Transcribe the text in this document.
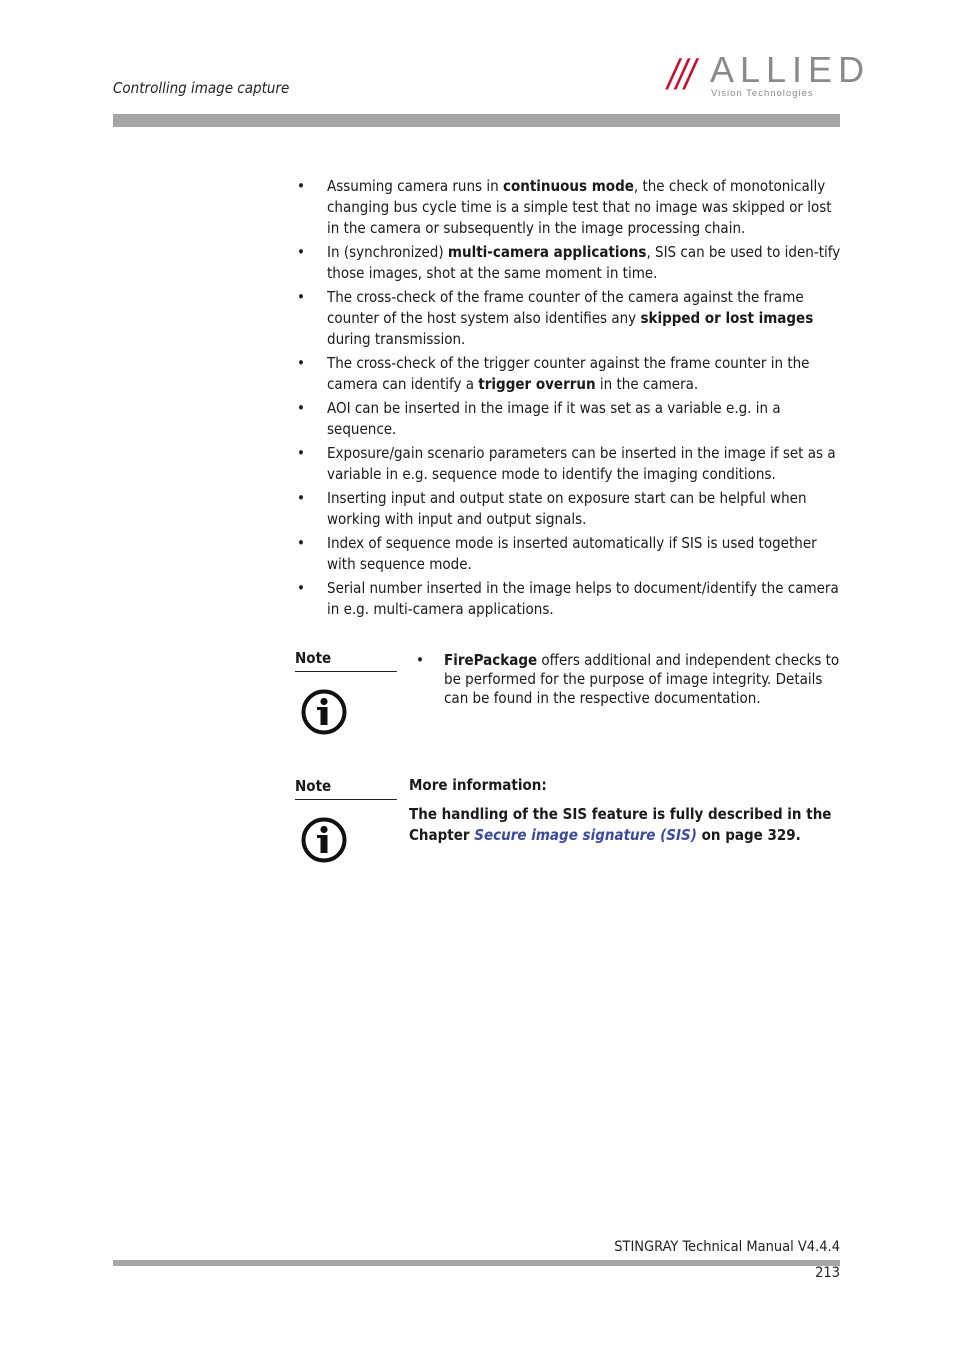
Controlling image capture	/// ALLIED
Vision Technologies
• Assuming camera runs in continuous mode, the check of monotonically changing bus cycle time is a simple test that no image was skipped or lost in the camera or subsequently in the image processing chain.
• In (synchronized) multi-camera applications, SIS can be used to iden-tify those images, shot at the same moment in time.
• The cross-check of the frame counter of the camera against the frame counter of the host system also identifies any skipped or lost images during transmission.
• The cross-check of the trigger counter against the frame counter in the camera can identify a trigger overrun in the camera.
• AOI can be inserted in the image if it was set as a variable e.g. in a sequence.
• Exposure/gain scenario parameters can be inserted in the image if set as a variable in e.g. sequence mode to identify the imaging conditions.
• Inserting input and output state on exposure start can be helpful when working with input and output signals.
• Index of sequence mode is inserted automatically if SIS is used together with sequence mode.
• Serial number inserted in the image helps to document/identify the camera in e.g. multi-camera applications.
Note	• FirePackage offers additional and independent checks to be performed for the purpose of image integrity. Details can be found in the respective documentation.
Note	More information:
The handling of the SIS feature is fully described in the Chapter Secure image signature (SIS) on page 329.
STINGRAY Technical Manual V4.4.4
213
